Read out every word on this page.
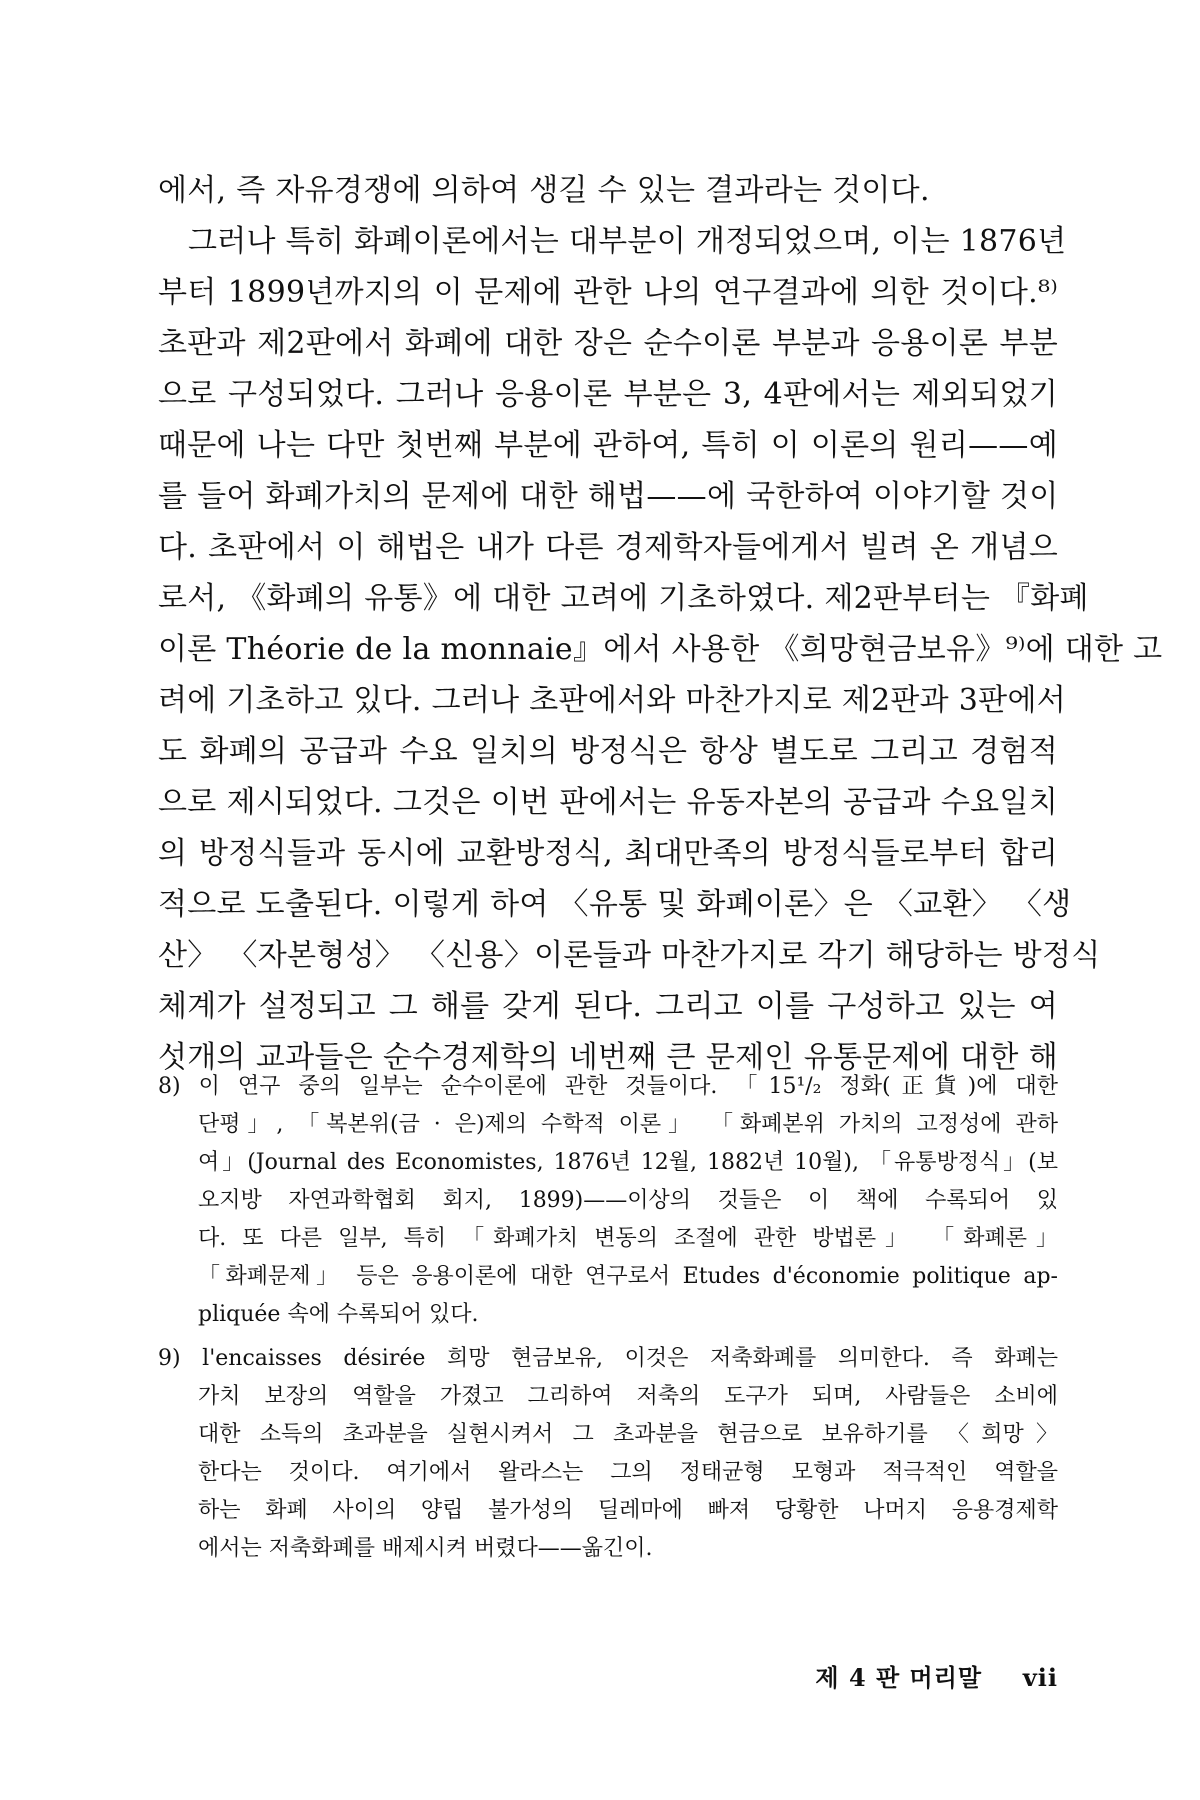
에서, 즉 자유경쟁에 의하여 생길 수 있는 결과라는 것이다.
그러나 특히 화폐이론에서는 대부분이 개정되었으며, 이는 1876년
부터 1899년까지의 이 문제에 관한 나의 연구결과에 의한 것이다.⁸⁾
초판과 제2판에서 화폐에 대한 장은 순수이론 부분과 응용이론 부분
으로 구성되었다. 그러나 응용이론 부분은 3, 4판에서는 제외되었기
때문에 나는 다만 첫번째 부분에 관하여, 특히 이 이론의 원리——예
를 들어 화폐가치의 문제에 대한 해법——에 국한하여 이야기할 것이
다. 초판에서 이 해법은 내가 다른 경제학자들에게서 빌려 온 개념으
로서, 《화폐의 유통》에 대한 고려에 기초하였다. 제2판부터는 『화폐
이론 Théorie de la monnaie』에서 사용한 《희망현금보유》⁹⁾에 대한 고
려에 기초하고 있다. 그러나 초판에서와 마찬가지로 제2판과 3판에서
도 화폐의 공급과 수요 일치의 방정식은 항상 별도로 그리고 경험적
으로 제시되었다. 그것은 이번 판에서는 유동자본의 공급과 수요일치
의 방정식들과 동시에 교환방정식, 최대만족의 방정식들로부터 합리
적으로 도출된다. 이렇게 하여 〈유통 및 화폐이론〉은 〈교환〉 〈생
산〉 〈자본형성〉 〈신용〉이론들과 마찬가지로 각기 해당하는 방정식
체계가 설정되고 그 해를 갖게 된다. 그리고 이를 구성하고 있는 여
섯개의 교과들은 순수경제학의 네번째 큰 문제인 유통문제에 대한 해
8) 이 연구 중의 일부는 순수이론에 관한 것들이다. 「15¹/₂ 정화(正貨)에 대한
단평」, 「복본위(금 · 은)제의 수학적 이론」 「화폐본위 가치의 고정성에 관하
여」(Journal des Economistes, 1876년 12월, 1882년 10월), 「유통방정식」(보
오지방 자연과학협회 회지, 1899)——이상의 것들은 이 책에 수록되어 있
다. 또 다른 일부, 특히 「화폐가치 변동의 조절에 관한 방법론」 「화폐론」
「화폐문제」 등은 응용이론에 대한 연구로서 Etudes d'économie politique ap-
pliquée 속에 수록되어 있다.
9) l'encaisses désirée 희망 현금보유, 이것은 저축화폐를 의미한다. 즉 화폐는
가치 보장의 역할을 가졌고 그리하여 저축의 도구가 되며, 사람들은 소비에
대한 소득의 초과분을 실현시켜서 그 초과분을 현금으로 보유하기를 〈희망〉
한다는 것이다. 여기에서 왈라스는 그의 정태균형 모형과 적극적인 역할을
하는 화폐 사이의 양립 불가성의 딜레마에 빠져 당황한 나머지 응용경제학
에서는 저축화폐를 배제시켜 버렸다——옮긴이.
제 4 판 머리말 vii
